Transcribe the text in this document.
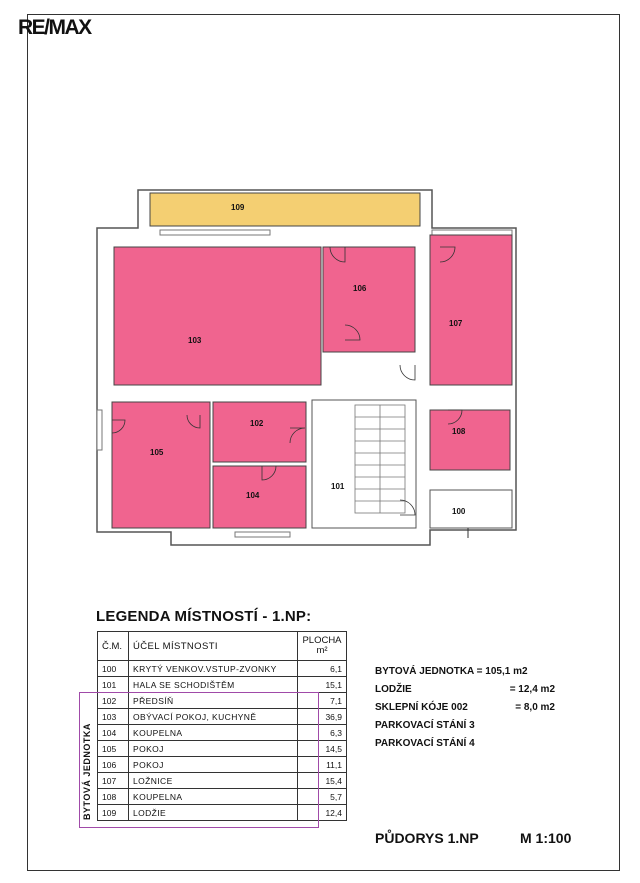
RE/MAX
109
106
103
107
102
108
105
101
104
100
LEGENDA MÍSTNOSTÍ - 1.NP:
Č.M.	ÚČEL MÍSTNOSTI	PLOCHA
m²

100	KRYTÝ VENKOV.VSTUP-ZVONKY	6,1
101	HALA SE SCHODIŠTĚM	15,1
102	PŘEDSÍŇ	7,1
103	OBÝVACÍ POKOJ, KUCHYNĚ	36,9
104	KOUPELNA	6,3
105	POKOJ	14,5
106	POKOJ	11,1
107	LOŽNICE	15,4
108	KOUPELNA	5,7
109	LODŽIE	12,4
BYTOVÁ JEDNOTKA
BYTOVÁ JEDNOTKA = 105,1 m2
LODŽIE	= 12,4 m2
SKLEPNÍ KÓJE 002	= 8,0 m2
PARKOVACÍ STÁNÍ 3
PARKOVACÍ STÁNÍ 4
PŮDORYS 1.NP	M 1:100
